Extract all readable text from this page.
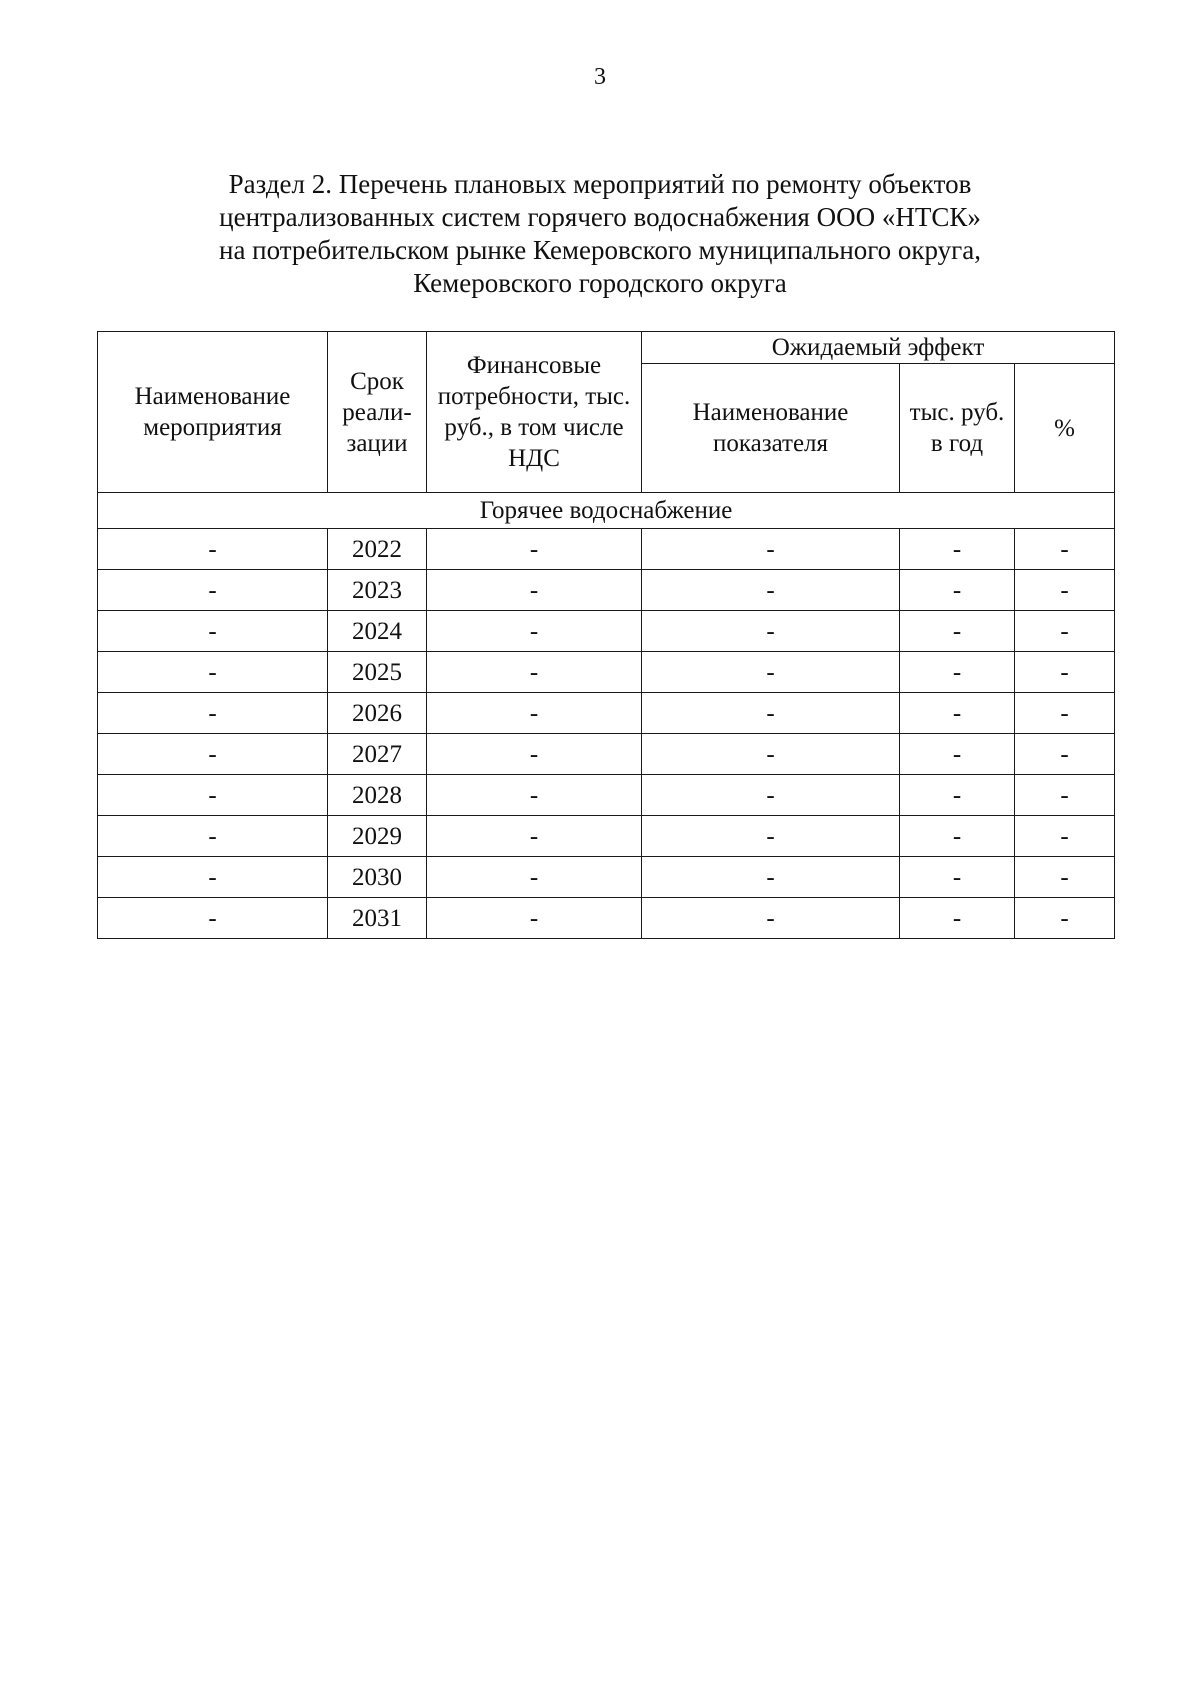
3
Раздел 2. Перечень плановых мероприятий по ремонту объектов
централизованных систем горячего водоснабжения ООО «НТСК»
на потребительском рынке Кемеровского муниципального округа,
Кемеровского городского округа
Наименование мероприятия	Срок реали-зации	Финансовые потребности, тыс. руб., в том числе НДС	Ожидаемый эффект		
			Наименование показателя	тыс. руб. в год	%
Горячее водоснабжение					
-	2022	-	-	-	-
-	2023	-	-	-	-
-	2024	-	-	-	-
-	2025	-	-	-	-
-	2026	-	-	-	-
-	2027	-	-	-	-
-	2028	-	-	-	-
-	2029	-	-	-	-
-	2030	-	-	-	-
-	2031	-	-	-	-
